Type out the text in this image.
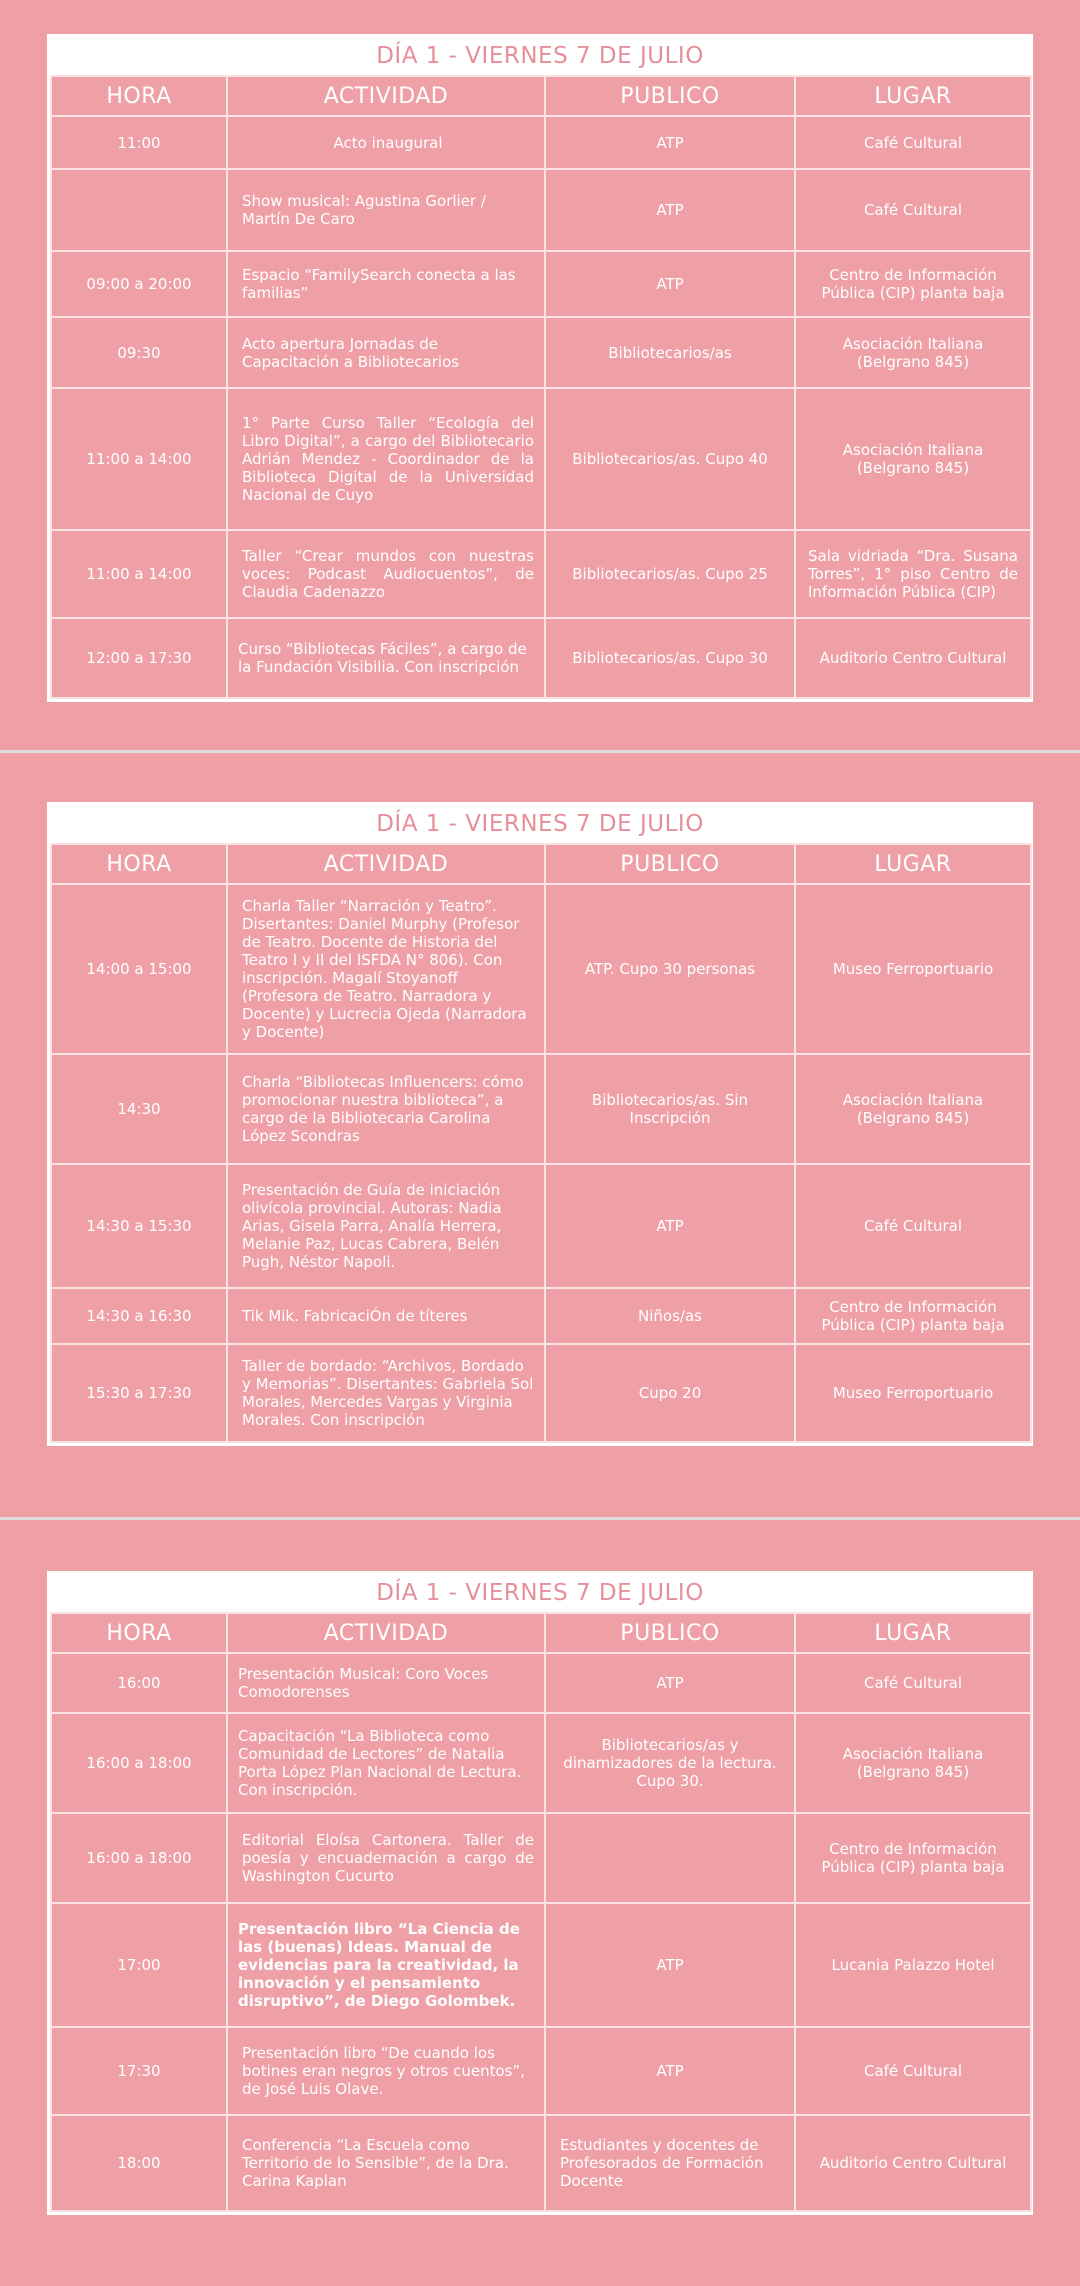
DÍA 1 - VIERNES 7 DE JULIO
HORA	ACTIVIDAD	PUBLICO	LUGAR
11:00	Acto inaugural	ATP	Café Cultural
	Show musical: Agustina Gorlier / Martín De Caro	ATP	Café Cultural
09:00 a 20:00	Espacio “FamilySearch conecta a las familias”	ATP	Centro de Información Pública (CIP) planta baja
09:30	Acto apertura Jornadas de Capacitación a Bibliotecarios	Bibliotecarios/as	Asociación Italiana (Belgrano 845)
11:00 a 14:00	1° Parte Curso Taller “Ecología del Libro Digital”, a cargo del Bibliotecario Adrián Mendez - Coordinador de la Biblioteca Digital de la Universidad Nacional de Cuyo	Bibliotecarios/as. Cupo 40	Asociación Italiana (Belgrano 845)
11:00 a 14:00	Taller “Crear mundos con nuestras voces: Podcast Audiocuentos”, de Claudia Cadenazzo	Bibliotecarios/as. Cupo 25	Sala vidriada “Dra. Susana Torres”, 1° piso Centro de Información Pública (CIP)
12:00 a 17:30	Curso “Bibliotecas Fáciles”, a cargo de la Fundación Visibilia. Con inscripción	Bibliotecarios/as. Cupo 30	Auditorio Centro Cultural
DÍA 1 - VIERNES 7 DE JULIO
HORA	ACTIVIDAD	PUBLICO	LUGAR
14:00 a 15:00	Charla Taller “Narración y Teatro”. Disertantes: Daniel Murphy (Profesor de Teatro. Docente de Historia del Teatro I y II del ISFDA N° 806). Con inscripción. Magalí Stoyanoff (Profesora de Teatro. Narradora y Docente) y Lucrecia Ojeda (Narradora y Docente)	ATP. Cupo 30 personas	Museo Ferroportuario
14:30	Charla “Bibliotecas Influencers: cómo promocionar nuestra biblioteca”, a cargo de la Bibliotecaria Carolina López Scondras	Bibliotecarios/as. Sin Inscripción	Asociación Italiana (Belgrano 845)
14:30 a 15:30	Presentación de Guía de iniciación olivícola provincial. Autoras: Nadia Arias, Gisela Parra, Analía Herrera, Melanie Paz, Lucas Cabrera, Belén Pugh, Néstor Napoli.	ATP	Café Cultural
14:30 a 16:30	Tik Mik. FabricaciÓn de títeres	Niños/as	Centro de Información Pública (CIP) planta baja
15:30 a 17:30	Taller de bordado: “Archivos, Bordado y Memorias”. Disertantes: Gabriela Sol Morales, Mercedes Vargas y Virginia Morales. Con inscripción	Cupo 20	Museo Ferroportuario
DÍA 1 - VIERNES 7 DE JULIO
HORA	ACTIVIDAD	PUBLICO	LUGAR
16:00	Presentación Musical: Coro Voces Comodorenses	ATP	Café Cultural
16:00 a 18:00	Capacitación “La Biblioteca como Comunidad de Lectores” de Natalia Porta López Plan Nacional de Lectura. Con inscripción.	Bibliotecarios/as y dinamizadores de la lectura. Cupo 30.	Asociación Italiana (Belgrano 845)
16:00 a 18:00	Editorial Eloísa Cartonera. Taller de poesía y encuadernación a cargo de Washington Cucurto		Centro de Información Pública (CIP) planta baja
17:00	Presentación libro “La Ciencia de las (buenas) Ideas. Manual de evidencias para la creatividad, la innovación y el pensamiento disruptivo”, de Diego Golombek.	ATP	Lucania Palazzo Hotel
17:30	Presentación libro “De cuando los botines eran negros y otros cuentos”, de José Luis Olave.	ATP	Café Cultural
18:00	Conferencia “La Escuela como Territorio de lo Sensible”, de la Dra. Carina Kaplan	Estudiantes y docentes de Profesorados de Formación Docente	Auditorio Centro Cultural
